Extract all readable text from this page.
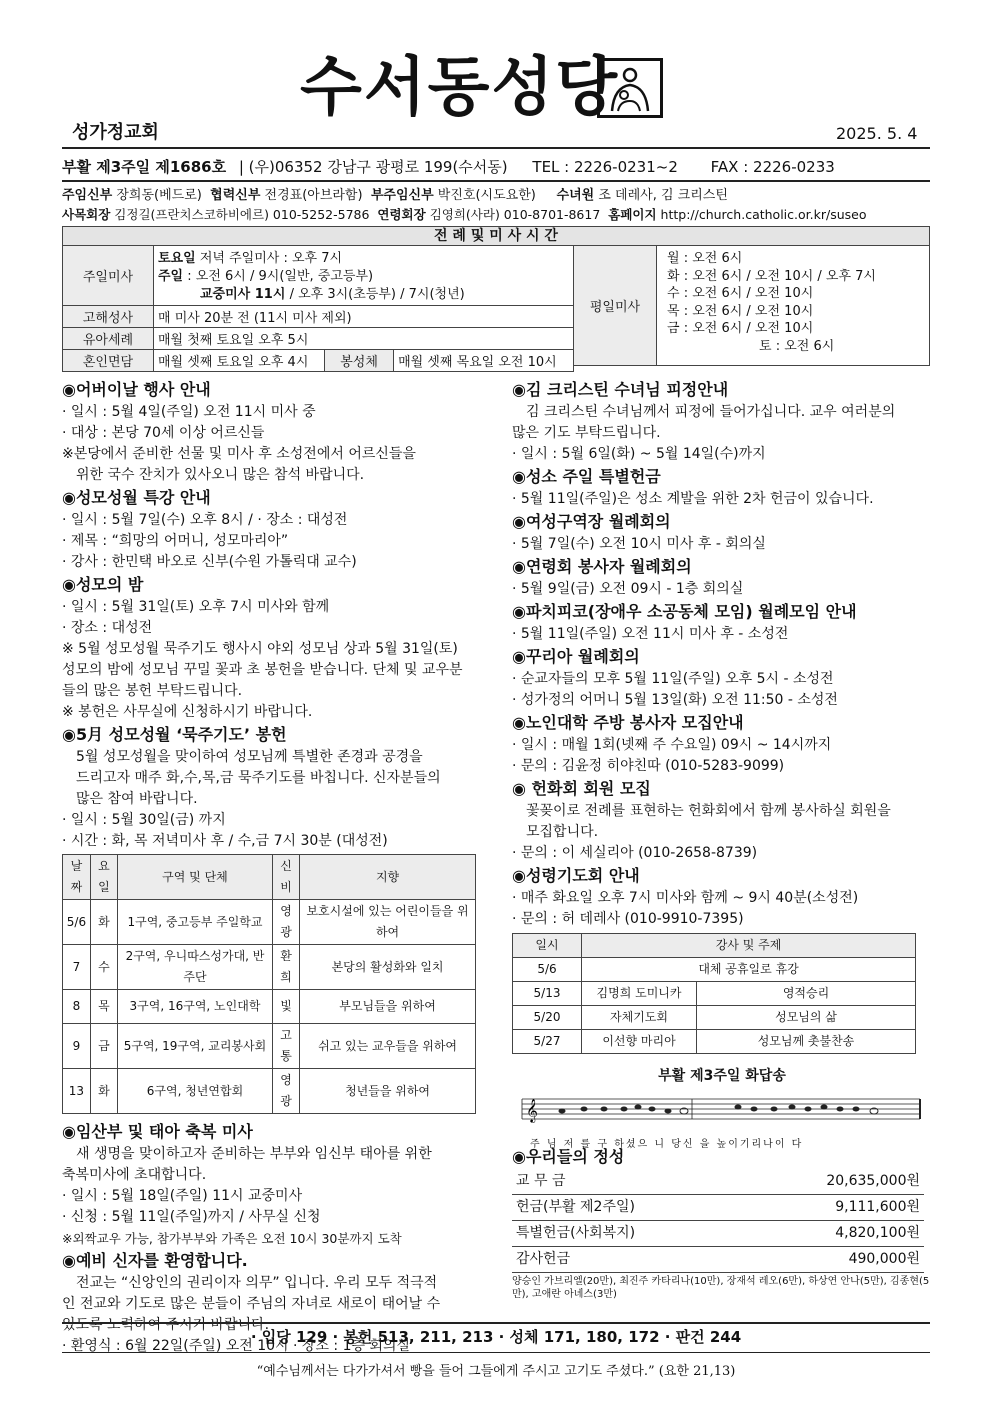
수서동성당
성가정교회	2025. 5. 4
부활 제3주일 제1686호 | (우)06352 강남구 광평로 199(수서동) TEL : 2226-0231~2 FAX : 2226-0233
주임신부 장희동(베드로) 협력신부 전경표(아브라함) 부주임신부 박진호(시도요한) 수녀원 조 데레사, 김 크리스틴
사목회장 김정길(프란치스코하비에르) 010-5252-5786 연령회장 김영희(사라) 010-8701-8617 홈페이지 http://church.catholic.or.kr/suseo
전 례 및 미 사 시 간
주일미사	토요일 저녁 주일미사 : 오후 7시		
	주일 : 오전 6시 / 9시(일반, 중고등부)
교중미사 11시 / 오후 3시(초등부) / 7시(청년)		
고해성사	매 미사 20분 전 (11시 미사 제외)		
유아세례	매월 첫째 토요일 오후 5시		
혼인면담	매월 셋째 토요일 오후 4시	봉성체	매월 셋째 목요일 오전 10시
평일미사
월 : 오전 6시
화 : 오전 6시 / 오전 10시 / 오후 7시
수 : 오전 6시 / 오전 10시
목 : 오전 6시 / 오전 10시
금 : 오전 6시 / 오전 10시
토 : 오전 6시
◉어버이날 행사 안내

· 일시 : 5월 4일(주일) 오전 11시 미사 중

· 대상 : 본당 70세 이상 어르신들

※본당에서 준비한 선물 및 미사 후 소성전에서 어르신들을

위한 국수 잔치가 있사오니 많은 참석 바랍니다.

◉성모성월 특강 안내

· 일시 : 5월 7일(수) 오후 8시 / · 장소 : 대성전

· 제목 : “희망의 어머니, 성모마리아”

· 강사 : 한민택 바오로 신부(수원 가톨릭대 교수)

◉성모의 밤

· 일시 : 5월 31일(토) 오후 7시 미사와 함께

· 장소 : 대성전

※ 5월 성모성월 묵주기도 행사시 야외 성모님 상과 5월 31일(토)

성모의 밤에 성모님 꾸밀 꽃과 초 봉헌을 받습니다. 단체 및 교우분

들의 많은 봉헌 부탁드립니다.

※ 봉헌은 사무실에 신청하시기 바랍니다.

◉5月 성모성월 ‘묵주기도’ 봉헌

5월 성모성월을 맞이하여 성모님께 특별한 존경과 공경을

드리고자 매주 화,수,목,금 묵주기도를 바칩니다. 신자분들의

많은 참여 바랍니다.

· 일시 : 5월 30일(금) 까지

· 시간 : 화, 목 저녁미사 후 / 수,금 7시 30분 (대성전)

날짜	요일	구역 및 단체	신비	지향
5/6	화	1구역, 중고등부 주일학교	영광	보호시설에 있는 어린이들을 위하여
7	수	2구역, 우니따스성가대, 반주단	환희	본당의 활성화와 일치
8	목	3구역, 16구역, 노인대학	빛	부모님들을 위하여
9	금	5구역, 19구역, 교리봉사회	고통	쉬고 있는 교우들을 위하여
13	화	6구역, 청년연합회	영광	청년들을 위하여
◉임산부 및 태아 축복 미사

새 생명을 맞이하고자 준비하는 부부와 임신부 태아를 위한

축복미사에 초대합니다.

· 일시 : 5월 18일(주일) 11시 교중미사

· 신청 : 5월 11일(주일)까지 / 사무실 신청

※외짝교우 가능, 참가부부와 가족은 오전 10시 30분까지 도착

◉예비 신자를 환영합니다.

전교는 “신앙인의 권리이자 의무” 입니다. 우리 모두 적극적

인 전교와 기도로 많은 분들이 주님의 자녀로 새로이 태어날 수

있도록 노력하여 주시기 바랍니다.

· 환영식 : 6월 22일(주일) 오전 10시 · 장소 : 1층 회의실

◉김 크리스틴 수녀님 피정안내

김 크리스틴 수녀님께서 피정에 들어가십니다. 교우 여러분의

많은 기도 부탁드립니다.

· 일시 : 5월 6일(화) ~ 5월 14일(수)까지

◉성소 주일 특별헌금

· 5월 11일(주일)은 성소 계발을 위한 2차 헌금이 있습니다.

◉여성구역장 월례회의

· 5월 7일(수) 오전 10시 미사 후 - 회의실

◉연령회 봉사자 월례회의

· 5월 9일(금) 오전 09시 - 1층 회의실

◉파치피코(장애우 소공동체 모임) 월례모임 안내

· 5월 11일(주일) 오전 11시 미사 후 - 소성전

◉꾸리아 월례회의

· 순교자들의 모후 5월 11일(주일) 오후 5시 - 소성전

· 성가정의 어머니 5월 13일(화) 오전 11:50 - 소성전

◉노인대학 주방 봉사자 모집안내

· 일시 : 매월 1회(넷째 주 수요일) 09시 ~ 14시까지

· 문의 : 김윤정 히야친따 (010-5283-9099)

◉ 헌화회 회원 모집

꽃꽂이로 전례를 표현하는 헌화회에서 함께 봉사하실 회원을

모집합니다.

· 문의 : 이 세실리아 (010-2658-8739)

◉성령기도회 안내

· 매주 화요일 오후 7시 미사와 함께 ~ 9시 40분(소성전)

· 문의 : 허 데레사 (010-9910-7395)

일시	강사 및 주제	
5/6	대체 공휴일로 휴강	
5/13	김명희 도미니카	영적승리
5/20	자체기도회	성모님의 삶
5/27	이선향 마리아	성모님께 촛불찬송
부활 제3주일 화답송
𝄞
주 님 저 를 구 하셨으 니 당신 을 높이기리나이 다
◉우리들의 정성
교 무 금	20,635,000원
헌금(부활 제2주일)	9,111,600원
특별헌금(사회복지)	4,820,100원
감사헌금	490,000원
양승인 가브리엘(20만), 최진주 카타리나(10만), 장재석 레오(6만), 하상연 안나(5만), 김종현(5만), 고애란 아녜스(3만)
· 입당 129 · 봉헌 513, 211, 213 · 성체 171, 180, 172 · 판건 244
“예수님께서는 다가가셔서 빵을 들어 그들에게 주시고 고기도 주셨다.” (요한 21,13)
